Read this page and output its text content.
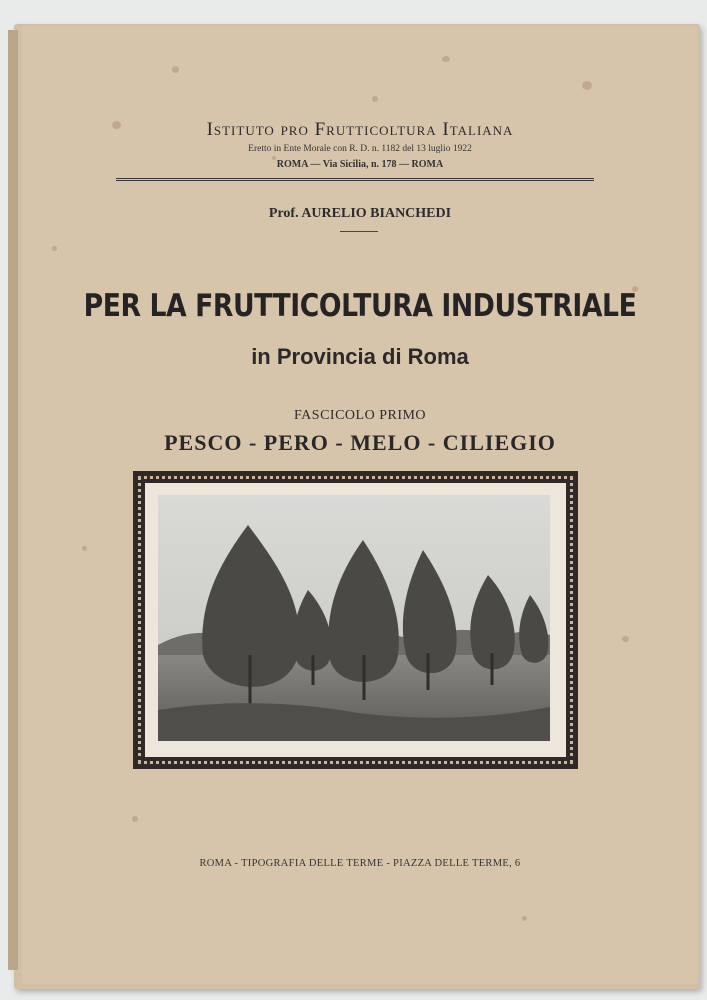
Istituto pro Frutticoltura Italiana
Eretto in Ente Morale con R. D. n. 1182 del 13 luglio 1922
ROMA — Via Sicilia, n. 178 — ROMA
Prof. AURELIO BIANCHEDI
PER LA FRUTTICOLTURA INDUSTRIALE
in Provincia di Roma
FASCICOLO PRIMO
PESCO - PERO - MELO - CILIEGIO
ROMA - TIPOGRAFIA DELLE TERME - PIAZZA DELLE TERME, 6
